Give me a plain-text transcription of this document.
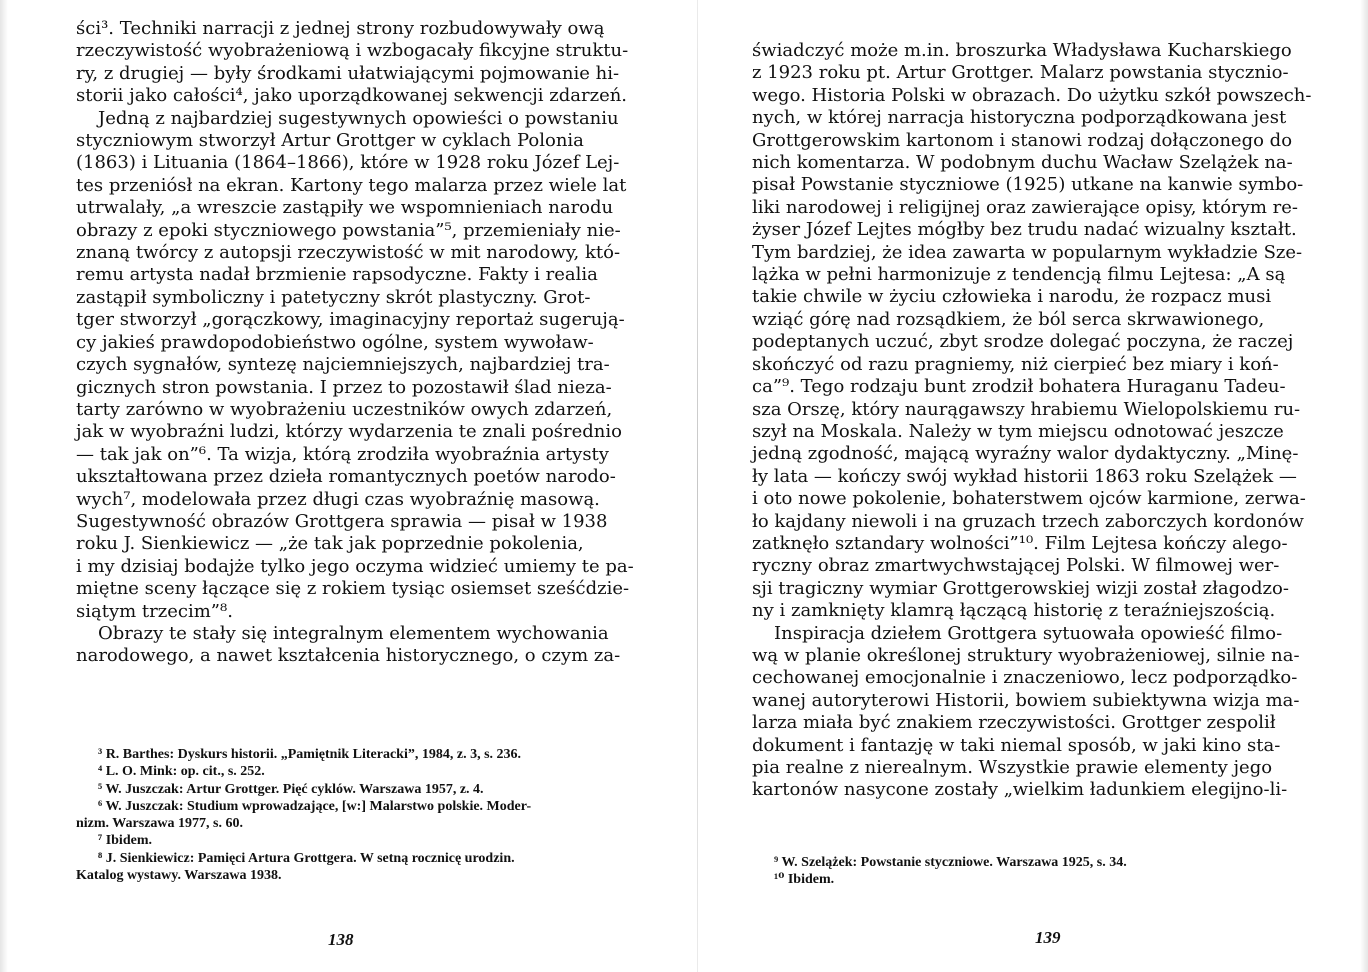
ści³. Techniki narracji z jednej strony rozbudowywały ową
rzeczywistość wyobrażeniową i wzbogacały fikcyjne struktu-
ry, z drugiej — były środkami ułatwiającymi pojmowanie hi-
storii jako całości⁴, jako uporządkowanej sekwencji zdarzeń.
Jedną z najbardziej sugestywnych opowieści o powstaniu
styczniowym stworzył Artur Grottger w cyklach Polonia
(1863) i Lituania (1864–1866), które w 1928 roku Józef Lej-
tes przeniósł na ekran. Kartony tego malarza przez wiele lat
utrwalały, „a wreszcie zastąpiły we wspomnieniach narodu
obrazy z epoki styczniowego powstania”⁵, przemieniały nie-
znaną twórcy z autopsji rzeczywistość w mit narodowy, któ-
remu artysta nadał brzmienie rapsodyczne. Fakty i realia
zastąpił symboliczny i patetyczny skrót plastyczny. Grot-
tger stworzył „gorączkowy, imaginacyjny reportaż sugerują-
cy jakieś prawdopodobieństwo ogólne, system wywoław-
czych sygnałów, syntezę najciemniejszych, najbardziej tra-
gicznych stron powstania. I przez to pozostawił ślad nieza-
tarty zarówno w wyobrażeniu uczestników owych zdarzeń,
jak w wyobraźni ludzi, którzy wydarzenia te znali pośrednio
— tak jak on”⁶. Ta wizja, którą zrodziła wyobraźnia artysty
ukształtowana przez dzieła romantycznych poetów narodo-
wych⁷, modelowała przez długi czas wyobraźnię masową.
Sugestywność obrazów Grottgera sprawia — pisał w 1938
roku J. Sienkiewicz — „że tak jak poprzednie pokolenia,
i my dzisiaj bodajże tylko jego oczyma widzieć umiemy te pa-
miętne sceny łączące się z rokiem tysiąc osiemset sześćdzie-
siątym trzecim”⁸.
Obrazy te stały się integralnym elementem wychowania
narodowego, a nawet kształcenia historycznego, o czym za-
³ R. Barthes: Dyskurs historii. „Pamiętnik Literacki”, 1984, z. 3, s. 236.
⁴ L. O. Mink: op. cit., s. 252.
⁵ W. Juszczak: Artur Grottger. Pięć cyklów. Warszawa 1957, z. 4.
⁶ W. Juszczak: Studium wprowadzające, [w:] Malarstwo polskie. Moder-
nizm. Warszawa 1977, s. 60.
⁷ Ibidem.
⁸ J. Sienkiewicz: Pamięci Artura Grottgera. W setną rocznicę urodzin.
Katalog wystawy. Warszawa 1938.
138
świadczyć może m.in. broszurka Władysława Kucharskiego
z 1923 roku pt. Artur Grottger. Malarz powstania stycznio-
wego. Historia Polski w obrazach. Do użytku szkół powszech-
nych, w której narracja historyczna podporządkowana jest
Grottgerowskim kartonom i stanowi rodzaj dołączonego do
nich komentarza. W podobnym duchu Wacław Szelążek na-
pisał Powstanie styczniowe (1925) utkane na kanwie symbo-
liki narodowej i religijnej oraz zawierające opisy, którym re-
żyser Józef Lejtes mógłby bez trudu nadać wizualny kształt.
Tym bardziej, że idea zawarta w popularnym wykładzie Sze-
lążka w pełni harmonizuje z tendencją filmu Lejtesa: „A są
takie chwile w życiu człowieka i narodu, że rozpacz musi
wziąć górę nad rozsądkiem, że ból serca skrwawionego,
podeptanych uczuć, zbyt srodze dolegać poczyna, że raczej
skończyć od razu pragniemy, niż cierpieć bez miary i koń-
ca”⁹. Tego rodzaju bunt zrodził bohatera Huraganu Tadeu-
sza Orszę, który naurągawszy hrabiemu Wielopolskiemu ru-
szył na Moskala. Należy w tym miejscu odnotować jeszcze
jedną zgodność, mającą wyraźny walor dydaktyczny. „Minę-
ły lata — kończy swój wykład historii 1863 roku Szelążek —
i oto nowe pokolenie, bohaterstwem ojców karmione, zerwa-
ło kajdany niewoli i na gruzach trzech zaborczych kordonów
zatknęło sztandary wolności”¹⁰. Film Lejtesa kończy alego-
ryczny obraz zmartwychwstającej Polski. W filmowej wer-
sji tragiczny wymiar Grottgerowskiej wizji został złagodzo-
ny i zamknięty klamrą łączącą historię z teraźniejszością.
Inspiracja dziełem Grottgera sytuowała opowieść filmo-
wą w planie określonej struktury wyobrażeniowej, silnie na-
cechowanej emocjonalnie i znaczeniowo, lecz podporządko-
wanej autoryterowi Historii, bowiem subiektywna wizja ma-
larza miała być znakiem rzeczywistości. Grottger zespolił
dokument i fantazję w taki niemal sposób, w jaki kino sta-
pia realne z nierealnym. Wszystkie prawie elementy jego
kartonów nasycone zostały „wielkim ładunkiem elegijno-li-
⁹ W. Szelążek: Powstanie styczniowe. Warszawa 1925, s. 34.
¹⁰ Ibidem.
139
